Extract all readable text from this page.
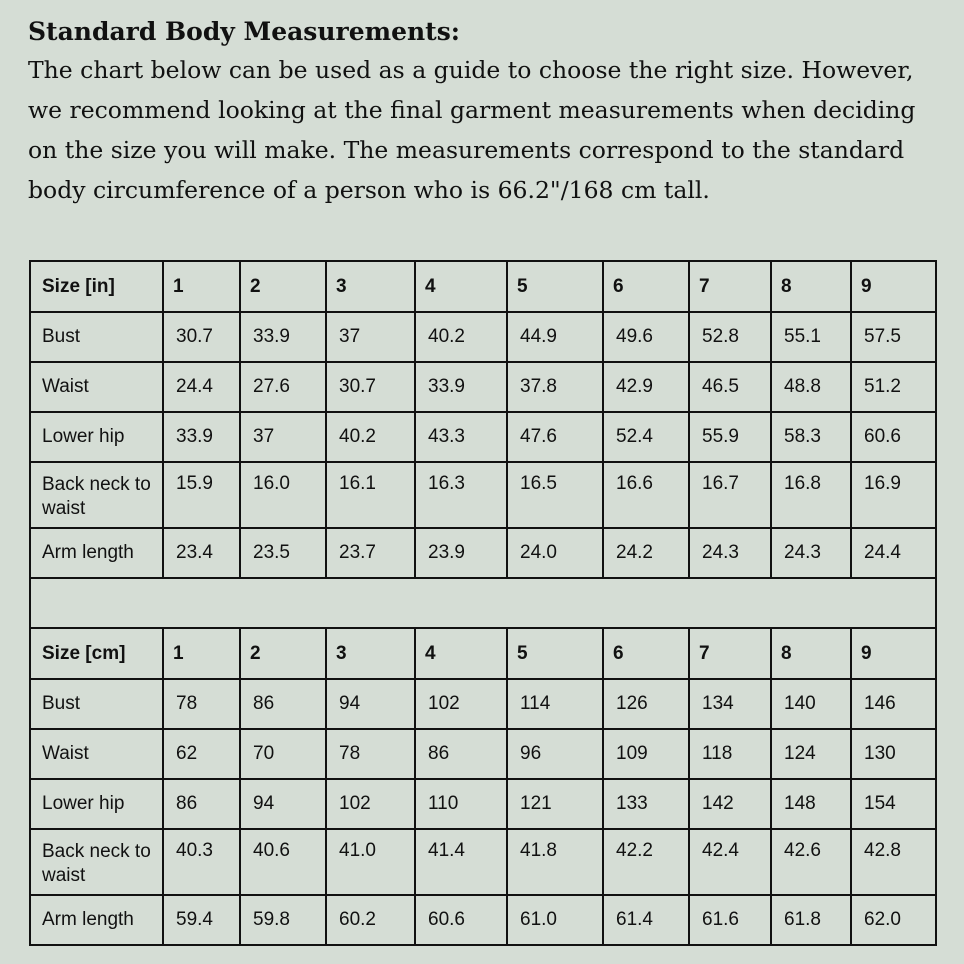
Standard Body Measurements:

The chart below can be used as a guide to choose the right size. However, we recommend looking at the final garment measurements when deciding on the size you will make. The measurements correspond to the standard body circumference of a person who is 66.2"/168 cm tall.

Size [in]	1	2	3	4	5	6	7	8	9
Bust	30.7	33.9	37	40.2	44.9	49.6	52.8	55.1	57.5
Waist	24.4	27.6	30.7	33.9	37.8	42.9	46.5	48.8	51.2
Lower hip	33.9	37	40.2	43.3	47.6	52.4	55.9	58.3	60.6
Back neck to waist	15.9	16.0	16.1	16.3	16.5	16.6	16.7	16.8	16.9
Arm length	23.4	23.5	23.7	23.9	24.0	24.2	24.3	24.3	24.4

Size [cm]	1	2	3	4	5	6	7	8	9
Bust	78	86	94	102	114	126	134	140	146
Waist	62	70	78	86	96	109	118	124	130
Lower hip	86	94	102	110	121	133	142	148	154
Back neck to waist	40.3	40.6	41.0	41.4	41.8	42.2	42.4	42.6	42.8
Arm length	59.4	59.8	60.2	60.6	61.0	61.4	61.6	61.8	62.0
